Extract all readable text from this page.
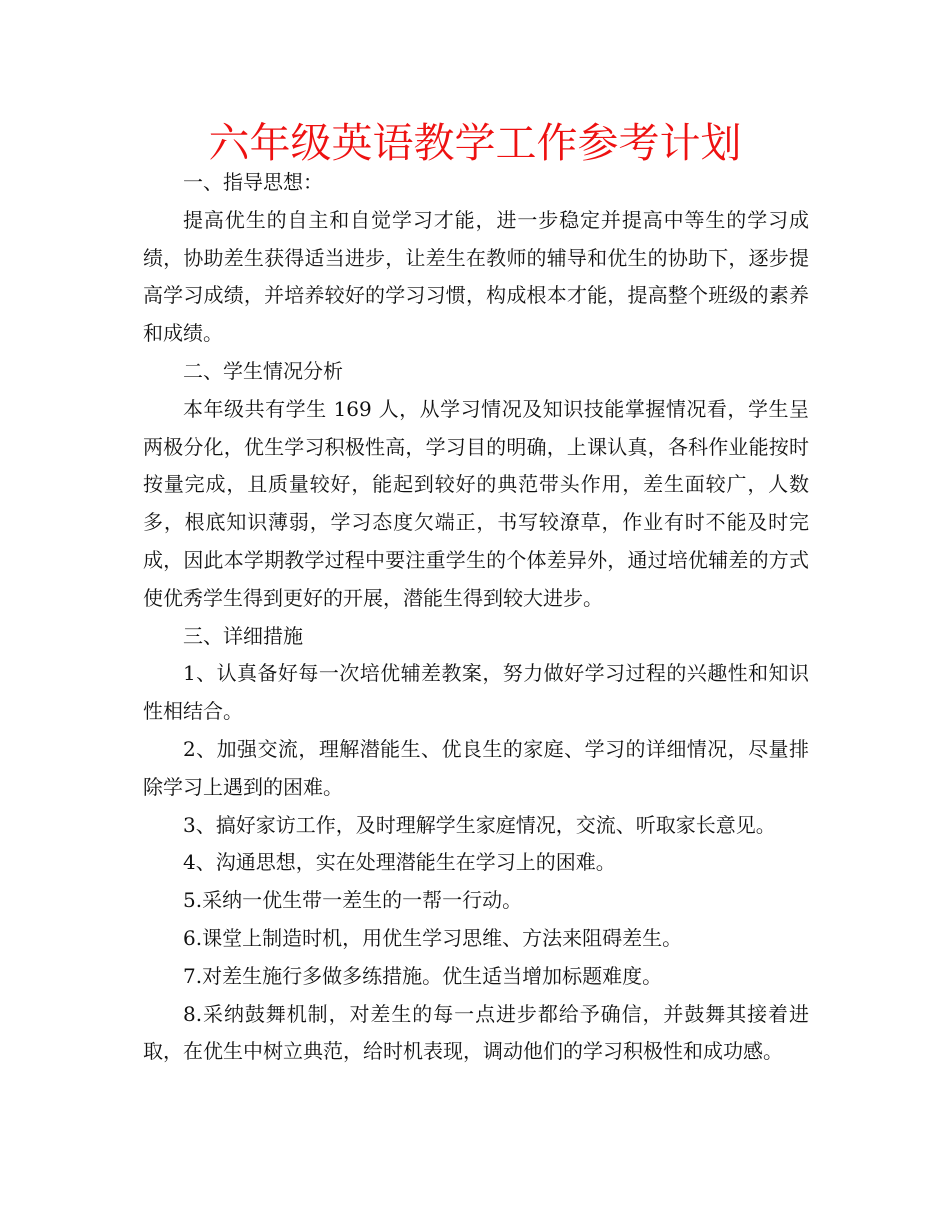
六年级英语教学工作参考计划

一、指导思想：

提高优生的自主和自觉学习才能，进一步稳定并提高中等生的学习成绩，协助差生获得适当进步，让差生在教师的辅导和优生的协助下，逐步提高学习成绩，并培养较好的学习习惯，构成根本才能，提高整个班级的素养和成绩。

二、学生情况分析

本年级共有学生 169 人，从学习情况及知识技能掌握情况看，学生呈两极分化，优生学习积极性高，学习目的明确，上课认真，各科作业能按时按量完成，且质量较好，能起到较好的典范带头作用，差生面较广，人数多，根底知识薄弱，学习态度欠端正，书写较潦草，作业有时不能及时完成，因此本学期教学过程中要注重学生的个体差异外，通过培优辅差的方式使优秀学生得到更好的开展，潜能生得到较大进步。

三、详细措施

1、认真备好每一次培优辅差教案，努力做好学习过程的兴趣性和知识性相结合。

2、加强交流，理解潜能生、优良生的家庭、学习的详细情况，尽量排除学习上遇到的困难。

3、搞好家访工作，及时理解学生家庭情况，交流、听取家长意见。

4、沟通思想，实在处理潜能生在学习上的困难。

5.采纳一优生带一差生的一帮一行动。

6.课堂上制造时机，用优生学习思维、方法来阻碍差生。

7.对差生施行多做多练措施。优生适当增加标题难度。

8.采纳鼓舞机制，对差生的每一点进步都给予确信，并鼓舞其接着进取，在优生中树立典范，给时机表现，调动他们的学习积极性和成功感。
